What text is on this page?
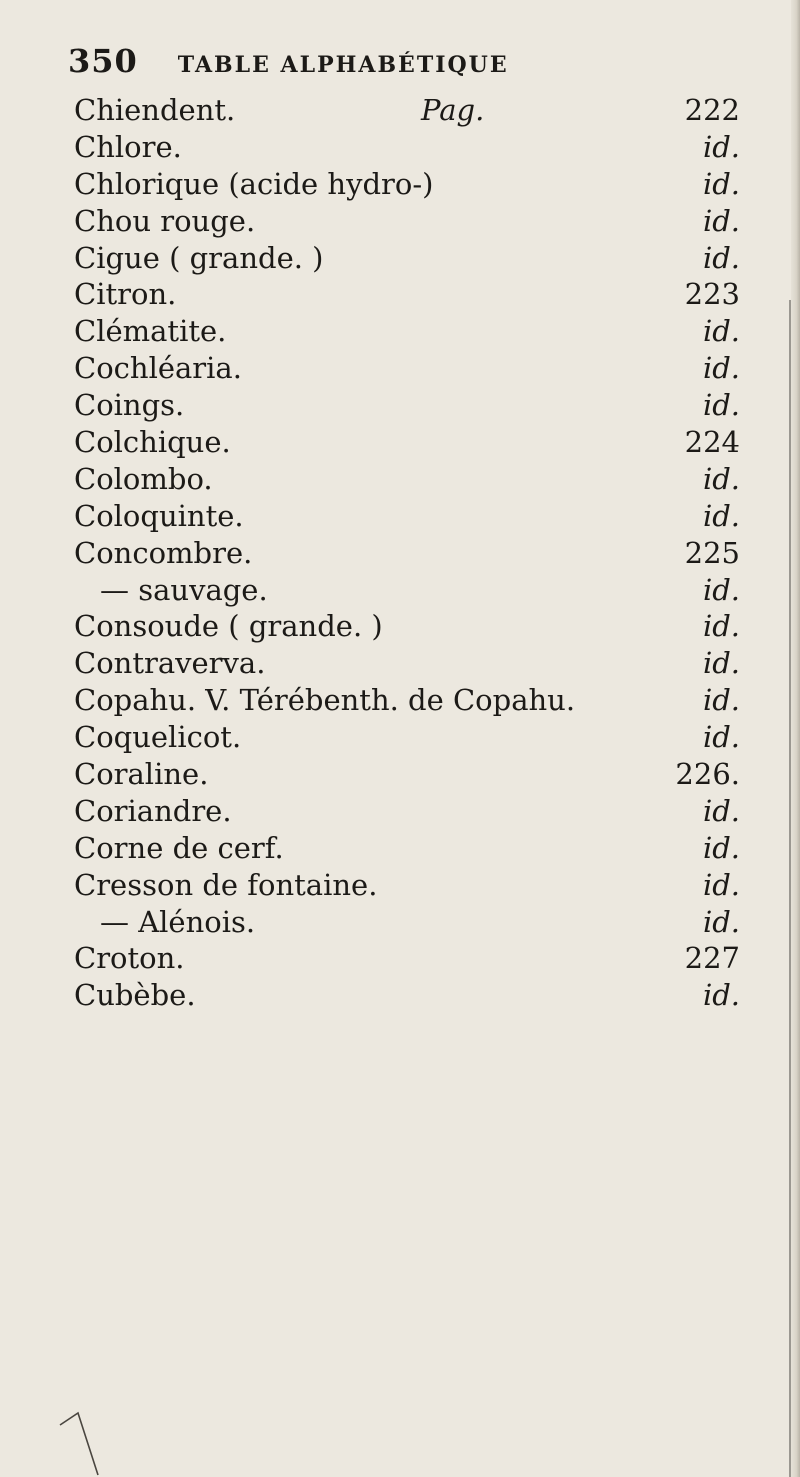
350 TABLE ALPHABÉTIQUE
Chiendent.	Pag.	222
Chlore.	id.
Chlorique (acide hydro-)	id.
Chou rouge.	id.
Cigue ( grande. )	id.
Citron.	223
Clématite.	id.
Cochléaria.	id.
Coings.	id.
Colchique.	224
Colombo.	id.
Coloquinte.	id.
Concombre.	225
— sauvage.	id.
Consoude ( grande. )	id.
Contraverva.	id.
Copahu. V. Térébenth. de Copahu.	id.
Coquelicot.	id.
Coraline.	226.
Coriandre.	id.
Corne de cerf.	id.
Cresson de fontaine.	id.
— Alénois.	id.
Croton.	227
Cubèbe.	id.
